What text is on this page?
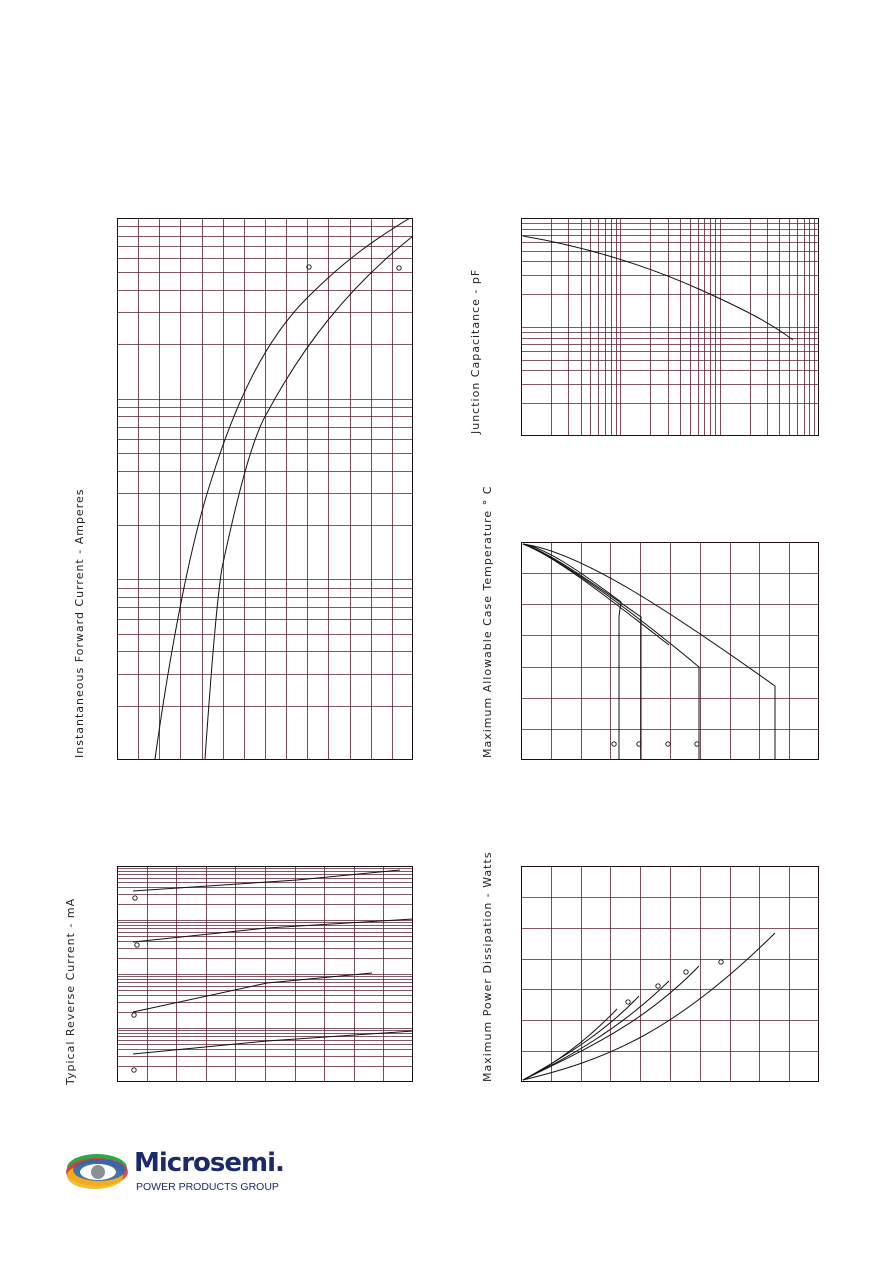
Instantaneous Forward Current - Amperes
Typical Reverse Current - mA
Junction Capacitance - pF
Maximum Allowable Case Temperature ° C
Maximum Power Dissipation - Watts
Microsemi.
POWER PRODUCTS GROUP
